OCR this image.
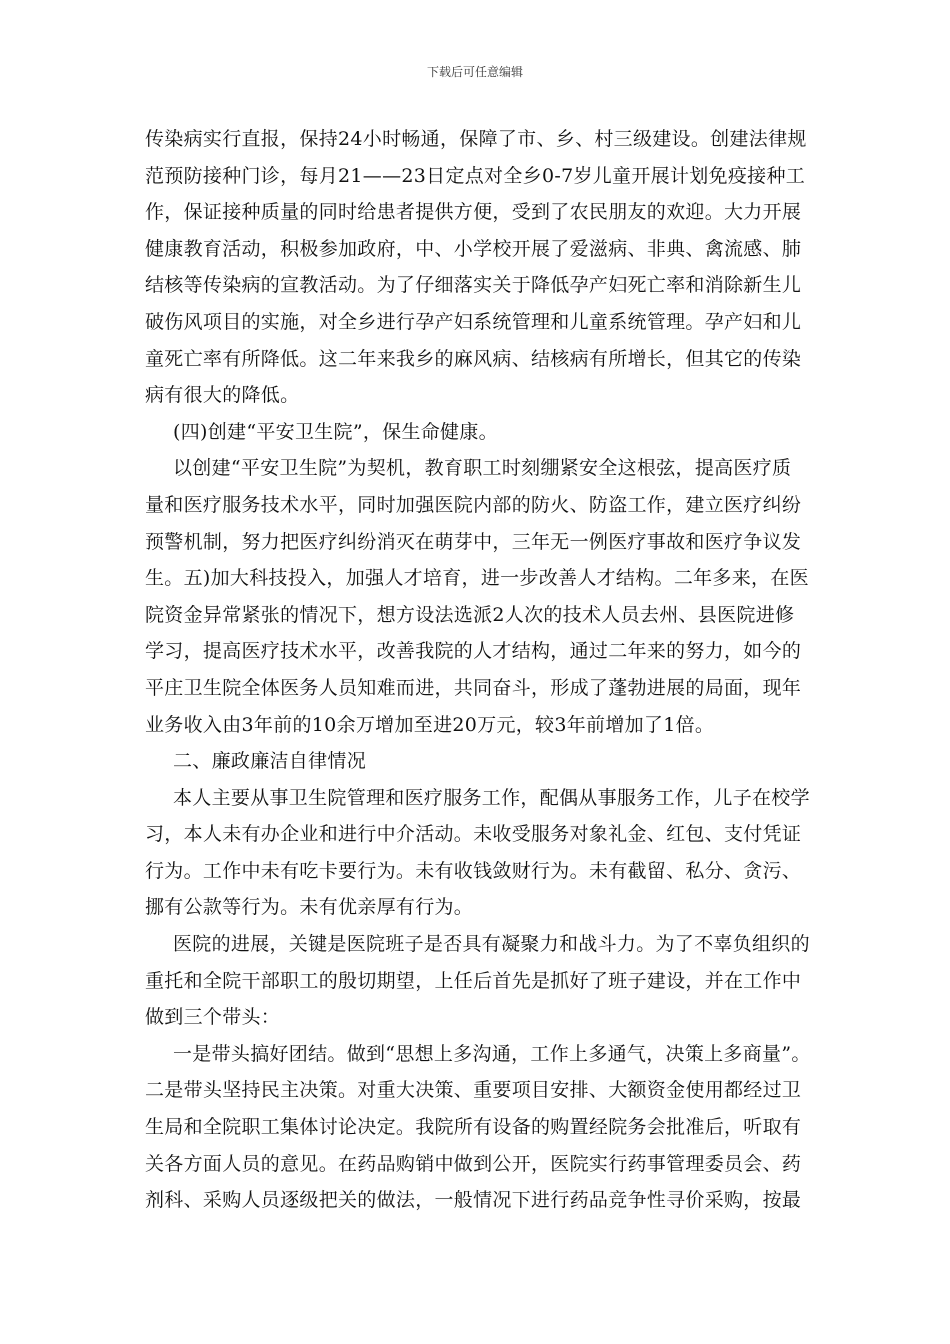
下载后可任意编辑
传染病实行直报，保持24小时畅通，保障了市、乡、村三级建设。创建法律规
范预防接种门诊，每月21——23日定点对全乡0-7岁儿童开展计划免疫接种工
作，保证接种质量的同时给患者提供方便，受到了农民朋友的欢迎。大力开展
健康教育活动，积极参加政府，中、小学校开展了爱滋病、非典、禽流感、肺
结核等传染病的宣教活动。为了仔细落实关于降低孕产妇死亡率和消除新生儿
破伤风项目的实施，对全乡进行孕产妇系统管理和儿童系统管理。孕产妇和儿
童死亡率有所降低。这二年来我乡的麻风病、结核病有所增长，但其它的传染
病有很大的降低。
(四)创建“平安卫生院”，保生命健康。
以创建“平安卫生院”为契机，教育职工时刻绷紧安全这根弦，提高医疗质
量和医疗服务技术水平，同时加强医院内部的防火、防盗工作，建立医疗纠纷
预警机制，努力把医疗纠纷消灭在萌芽中，三年无一例医疗事故和医疗争议发
生。五)加大科技投入，加强人才培育，进一步改善人才结构。二年多来，在医
院资金异常紧张的情况下，想方设法选派2人次的技术人员去州、县医院进修
学习，提高医疗技术水平，改善我院的人才结构，通过二年来的努力，如今的
平庄卫生院全体医务人员知难而进，共同奋斗，形成了蓬勃进展的局面，现年
业务收入由3年前的10余万增加至进20万元，较3年前增加了1倍。
二、廉政廉洁自律情况
本人主要从事卫生院管理和医疗服务工作，配偶从事服务工作，儿子在校学
习，本人未有办企业和进行中介活动。未收受服务对象礼金、红包、支付凭证
行为。工作中未有吃卡要行为。未有收钱敛财行为。未有截留、私分、贪污、
挪有公款等行为。未有优亲厚有行为。
医院的进展，关键是医院班子是否具有凝聚力和战斗力。为了不辜负组织的
重托和全院干部职工的殷切期望，上任后首先是抓好了班子建设，并在工作中
做到三个带头：
一是带头搞好团结。做到“思想上多沟通，工作上多通气，决策上多商量”。
二是带头坚持民主决策。对重大决策、重要项目安排、大额资金使用都经过卫
生局和全院职工集体讨论决定。我院所有设备的购置经院务会批准后，听取有
关各方面人员的意见。在药品购销中做到公开，医院实行药事管理委员会、药
剂科、采购人员逐级把关的做法，一般情况下进行药品竞争性寻价采购，按最
